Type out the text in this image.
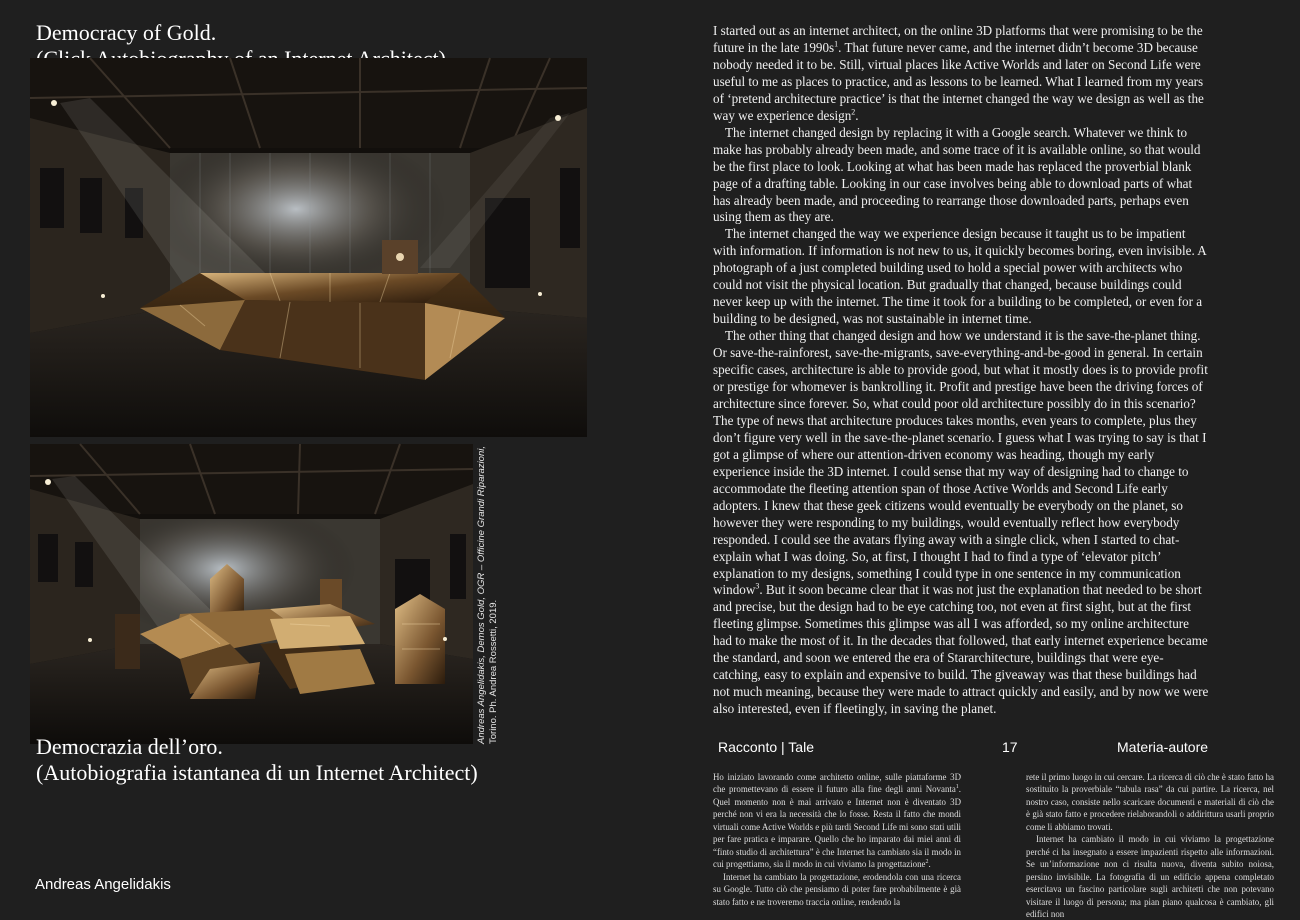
Democracy of Gold.
Andreas Angelidakis, Demos Gold, OGR – Officine Grandi Riparazioni, Torino. Ph. Andrea Rossetti, 2019.
Democrazia dell’oro.
(Autobiografia istantanea di un Internet Architect)
Andreas Angelidakis

I started out as an internet architect, on the online 3D platforms that were promising to be the future in the late $1990s^1$. That future never came, and the internet didn’t become 3D because nobody needed it to be. Still, virtual places like Active Worlds and later on Second Life were useful to me as places to practice, and as lessons to be learned. What I learned from my years of ‘pretend architecture practice’ is that the internet changed the way we design as well as the way we experience design$^2$.

The internet changed design by replacing it with a Google search. Whatever we think to make has probably already been made, and some trace of it is available online, so that would be the first place to look. Looking at what has been made has replaced the proverbial blank page of a drafting table. Looking in our case involves being able to download parts of what has already been made, and proceeding to rearrange those downloaded parts, perhaps even using them as they are.

The internet changed the way we experience design because it taught us to be impatient with information. If information is not new to us, it quickly becomes boring, even invisible. A photograph of a just completed building used to hold a special power with architects who could not visit the physical location. But gradually that changed, because buildings could never keep up with the internet. The time it took for a building to be completed, or even for a building to be designed, was not sustainable in internet time.

The other thing that changed design and how we understand it is the save-the-planet thing. Or save-the-rainforest, save-the-migrants, save-everything-and-be-good in general. In certain specific cases, architecture is able to provide good, but what it mostly does is to provide profit or prestige for whomever is bankrolling it. Profit and prestige have been the driving forces of architecture since forever. So, what could poor old architecture possibly do in this scenario? The type of news that architecture produces takes months, even years to complete, plus they don’t figure very well in the save-the-planet scenario. I guess what I was trying to say is that I got a glimpse of where our attention-driven economy was heading, though my early experience inside the 3D internet. I could sense that my way of designing had to change to accommodate the fleeting attention span of those Active Worlds and Second Life early adopters. I knew that these geek citizens would eventually be everybody on the planet, so however they were responding to my buildings, would eventually reflect how everybody responded. I could see the avatars flying away with a single click, when I started to chat-explain what I was doing. So, at first, I thought I had to find a type of ‘elevator pitch’ explanation to my designs, something I could type in one sentence in my communication window$^3$. But it soon became clear that it was not just the explanation that needed to be short and precise, but the design had to be eye catching too, not even at first sight, but at the first fleeting glimpse. Sometimes this glimpse was all I was afforded, so my online architecture had to make the most of it. In the decades that followed, that early internet experience became the standard, and soon we entered the era of Stararchitecture, buildings that were eye-catching, easy to explain and expensive to build. The giveaway was that these buildings had not much meaning, because they were made to attract quickly and easily, and by now we were also interested, even if fleetingly, in saving the planet.

Racconto | Tale	17	Materia-autore

Ho iniziato lavorando come architetto online, sulle piattaforme 3D che promettevano di essere il futuro alla fine degli anni Novanta$^1$. Quel momento non è mai arrivato e Internet non è diventato 3D perché non vi era la necessità che lo fosse. Resta il fatto che mondi virtuali come Active Worlds e più tardi Second Life mi sono stati utili per fare pratica e imparare. Quello che ho imparato dai miei anni di “finto studio di architettura” è che Internet ha cambiato sia il modo in cui progettiamo, sia il modo in cui viviamo la progettazione$^2$.

Internet ha cambiato la progettazione, erodendola con una ricerca su Google. Tutto ciò che pensiamo di poter fare probabilmente è già stato fatto e ne troveremo traccia online, rendendo la

rete il primo luogo in cui cercare. La ricerca di ciò che è stato fatto ha sostituito la proverbiale “tabula rasa” da cui partire. La ricerca, nel nostro caso, consiste nello scaricare documenti e materiali di ciò che è già stato fatto e procedere rielaborandoli o addirittura usarli proprio come li abbiamo trovati.

Internet ha cambiato il modo in cui viviamo la progettazione perché ci ha insegnato a essere impazienti rispetto alle informazioni. Se un’informazione non ci risulta nuova, diventa subito noiosa, persino invisibile. La fotografia di un edificio appena completato esercitava un fascino particolare sugli architetti che non potevano visitare il luogo di persona; ma pian piano qualcosa è cambiato, gli edifici non
